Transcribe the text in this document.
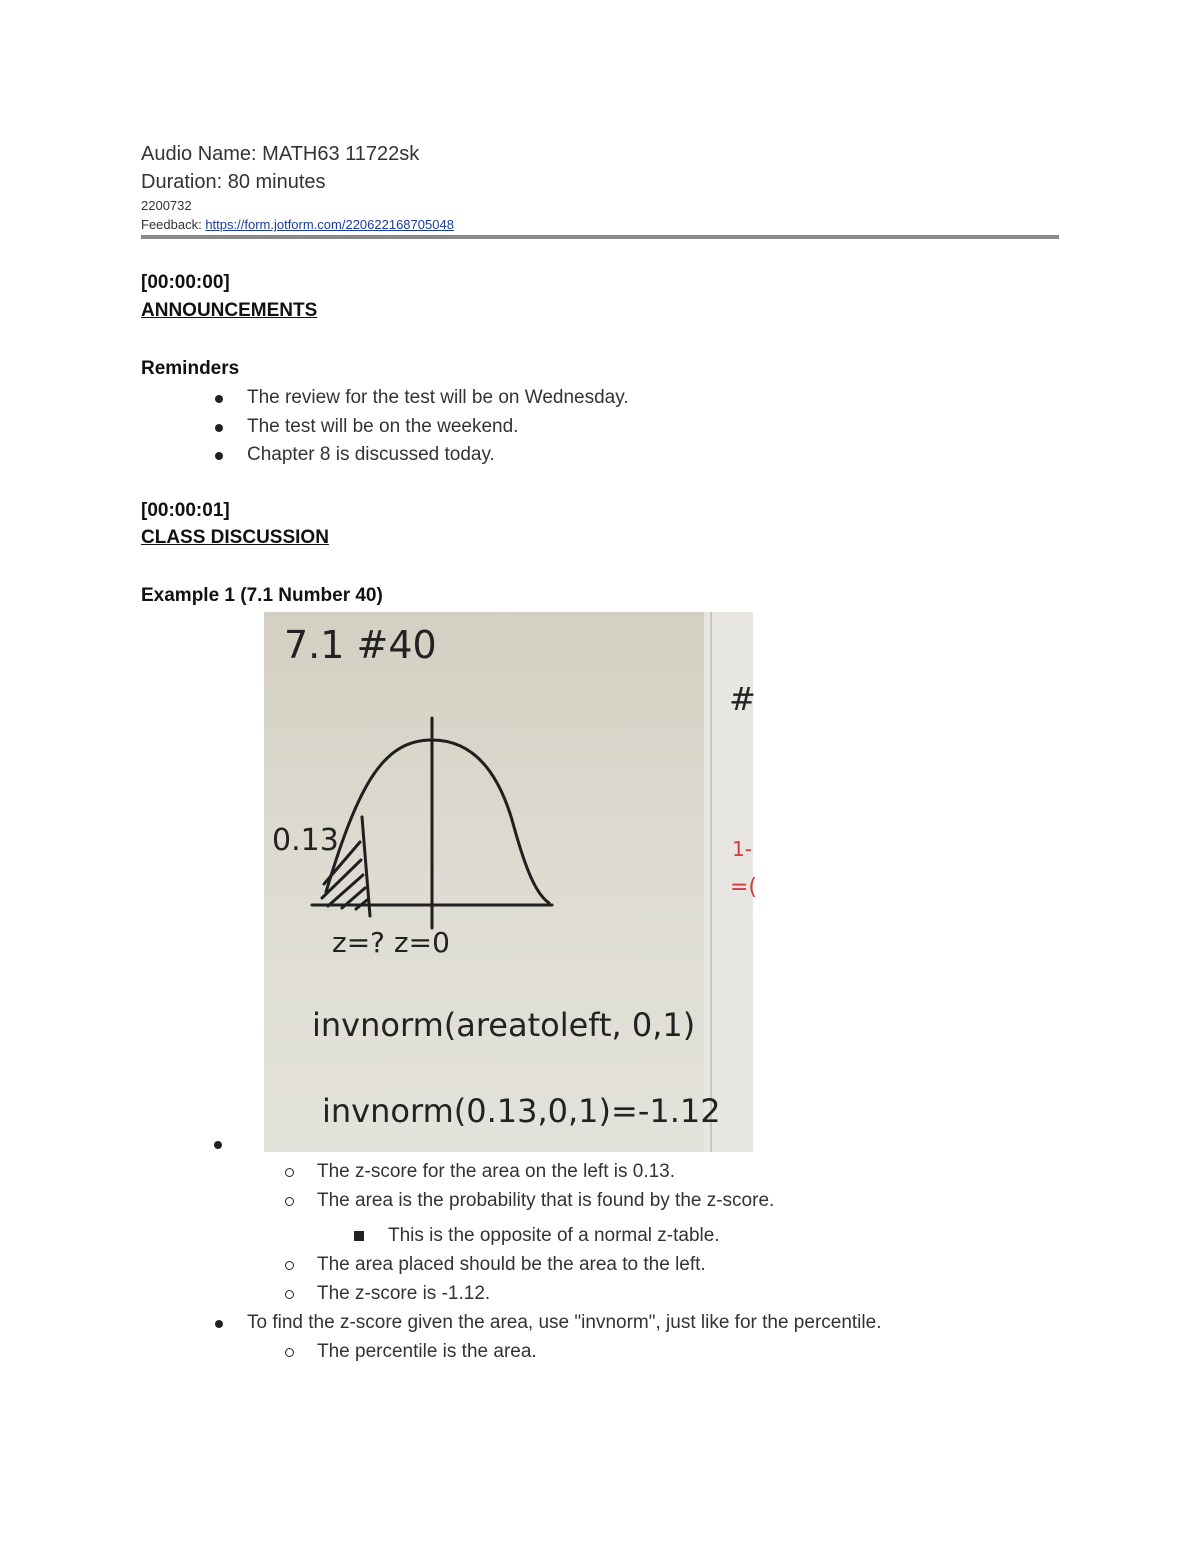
Audio Name: MATH63 11722sk
Duration: 80 minutes
2200732
Feedback: https://form.jotform.com/220622168705048
[00:00:00]
ANNOUNCEMENTS
Reminders
The review for the test will be on Wednesday.
The test will be on the weekend.
Chapter 8 is discussed today.
[00:00:01]
CLASS DISCUSSION
Example 1 (7.1 Number 40)
7.1 #40
0.13
z=? z=0
invnorm(areatoleft, 0,1)
invnorm(0.13,0,1)=-1.12
#
1-
=(
The z-score for the area on the left is 0.13.
The area is the probability that is found by the z-score.
This is the opposite of a normal z-table.
The area placed should be the area to the left.
The z-score is -1.12.
To find the z-score given the area, use "invnorm", just like for the percentile.
The percentile is the area.
